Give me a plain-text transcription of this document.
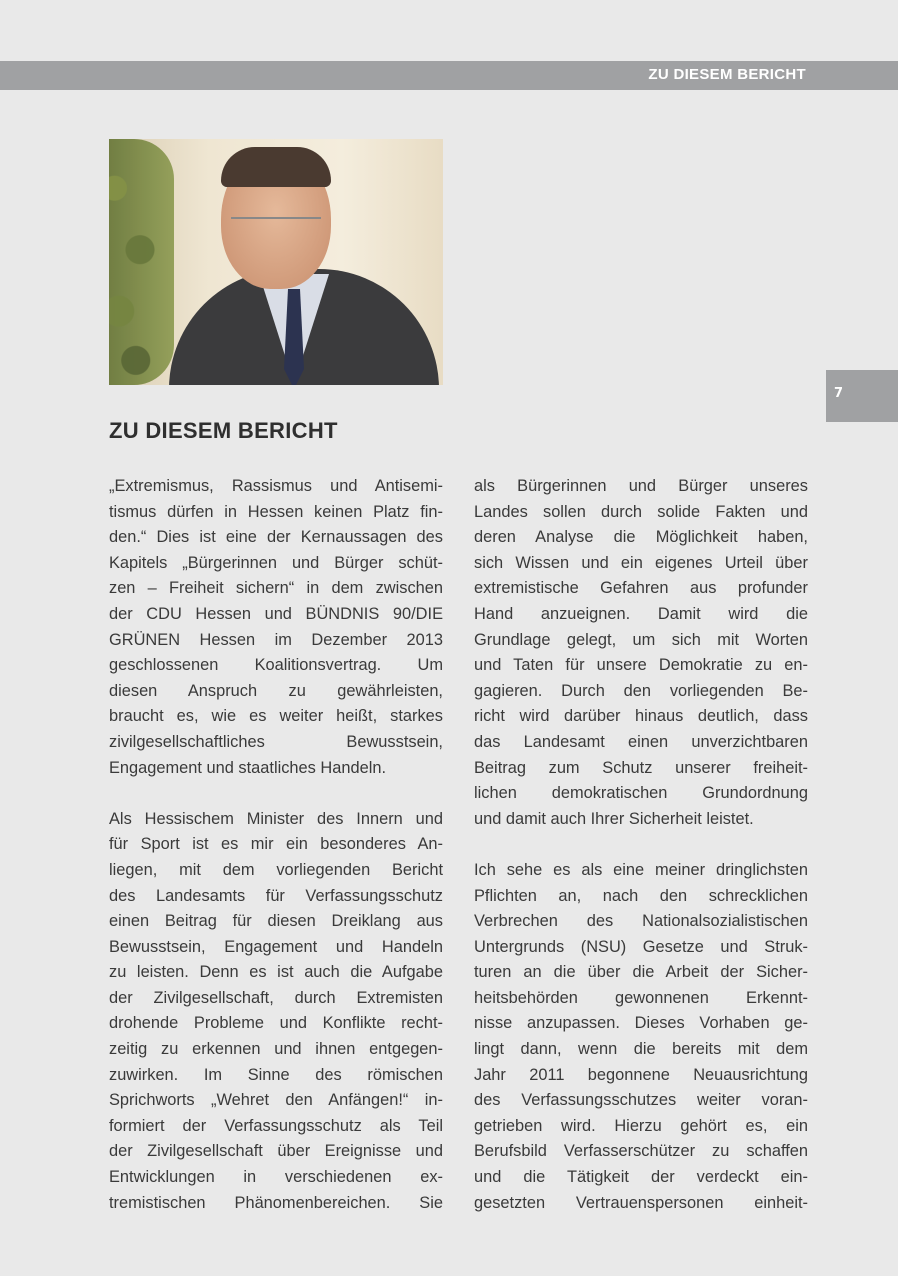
ZU DIESEM BERICHT
7
ZU DIESEM BERICHT
„Extremismus, Rassismus und Antisemi-
tismus dürfen in Hessen keinen Platz fin-
den.“ Dies ist eine der Kernaussagen des
Kapitels „Bürgerinnen und Bürger schüt-
zen – Freiheit sichern“ in dem zwischen
der CDU Hessen und BÜNDNIS 90/DIE
GRÜNEN Hessen im Dezember 2013
geschlossenen Koalitionsvertrag. Um
diesen Anspruch zu gewährleisten,
braucht es, wie es weiter heißt, starkes
zivilgesellschaftliches Bewusstsein,
Engagement und staatliches Handeln.
Als Hessischem Minister des Innern und
für Sport ist es mir ein besonderes An-
liegen, mit dem vorliegenden Bericht
des Landesamts für Verfassungsschutz
einen Beitrag für diesen Dreiklang aus
Bewusstsein, Engagement und Handeln
zu leisten. Denn es ist auch die Aufgabe
der Zivilgesellschaft, durch Extremisten
drohende Probleme und Konflikte recht-
zeitig zu erkennen und ihnen entgegen-
zuwirken. Im Sinne des römischen
Sprichworts „Wehret den Anfängen!“ in-
formiert der Verfassungsschutz als Teil
der Zivilgesellschaft über Ereignisse und
Entwicklungen in verschiedenen ex-
tremistischen Phänomenbereichen. Sie
als Bürgerinnen und Bürger unseres
Landes sollen durch solide Fakten und
deren Analyse die Möglichkeit haben,
sich Wissen und ein eigenes Urteil über
extremistische Gefahren aus profunder
Hand anzueignen. Damit wird die
Grundlage gelegt, um sich mit Worten
und Taten für unsere Demokratie zu en-
gagieren. Durch den vorliegenden Be-
richt wird darüber hinaus deutlich, dass
das Landesamt einen unverzichtbaren
Beitrag zum Schutz unserer freiheit-
lichen demokratischen Grundordnung
und damit auch Ihrer Sicherheit leistet.
Ich sehe es als eine meiner dringlichsten
Pflichten an, nach den schrecklichen
Verbrechen des Nationalsozialistischen
Untergrunds (NSU) Gesetze und Struk-
turen an die über die Arbeit der Sicher-
heitsbehörden gewonnenen Erkennt-
nisse anzupassen. Dieses Vorhaben ge-
lingt dann, wenn die bereits mit dem
Jahr 2011 begonnene Neuausrichtung
des Verfassungsschutzes weiter voran-
getrieben wird. Hierzu gehört es, ein
Berufsbild Verfasserschützer zu schaffen
und die Tätigkeit der verdeckt ein-
gesetzten Vertrauenspersonen einheit-
